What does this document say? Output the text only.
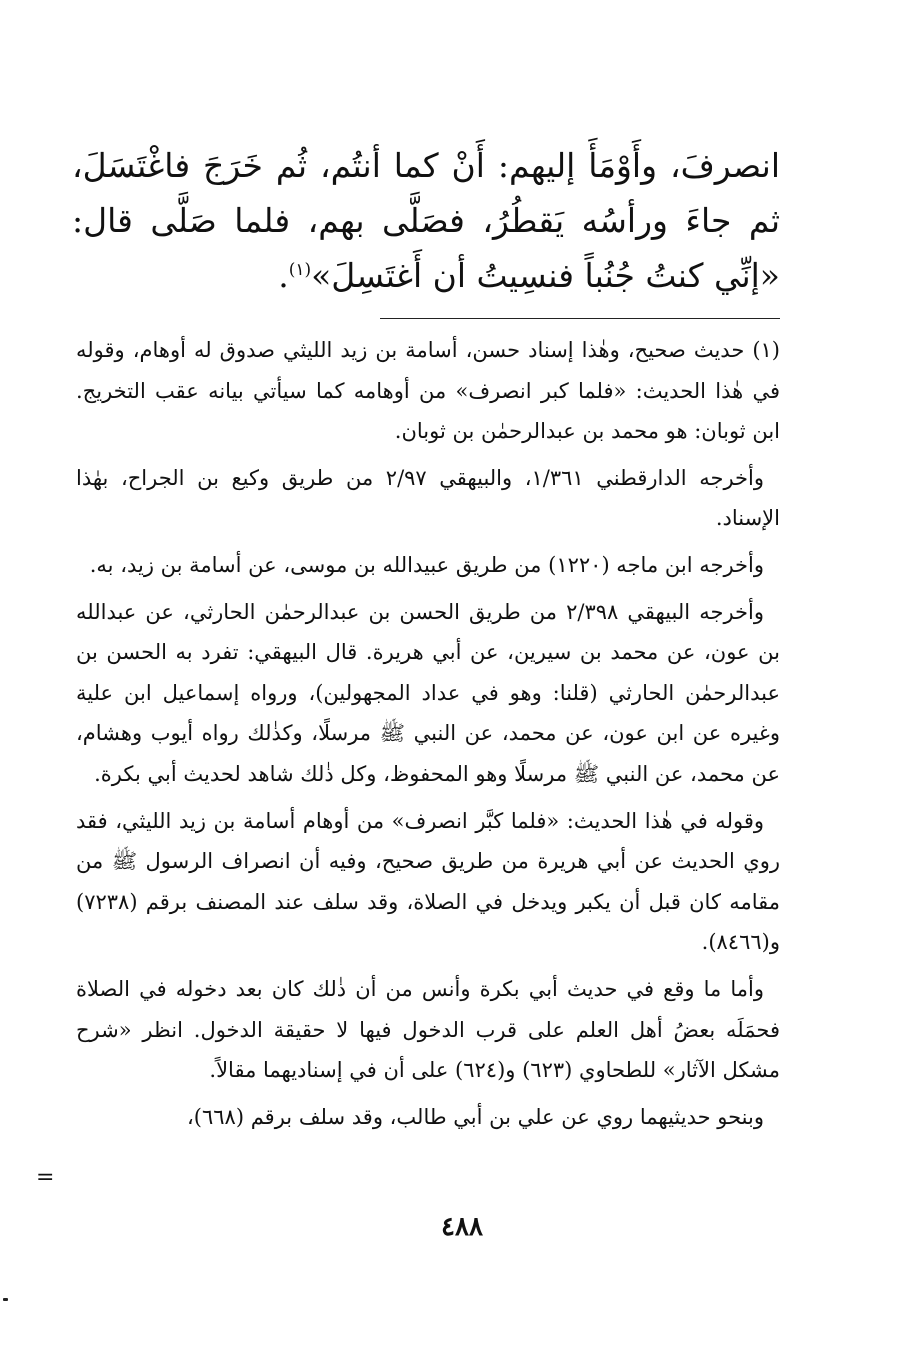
انصرفَ، وأَوْمَأَ إليهم: أَنْ كما أنتُم، ثُم خَرَجَ فاغْتَسَلَ، ثم جاءَ ورأسُه يَقطُرُ، فصَلَّى بهم، فلما صَلَّى قال: «إنِّي كنتُ جُنُباً فنسِيتُ أن أَغتَسِلَ»$^{(١)}$.

(١) حديث صحيح، وهٰذا إسناد حسن، أسامة بن زيد الليثي صدوق له أوهام، وقوله في هٰذا الحديث: «فلما كبر انصرف» من أوهامه كما سيأتي بيانه عقب التخريج. ابن ثوبان: هو محمد بن عبدالرحمٰن بن ثوبان.

وأخرجه الدارقطني ١/٣٦١، والبيهقي ٢/٩٧ من طريق وكيع بن الجراح، بهٰذا الإسناد.

وأخرجه ابن ماجه (١٢٢٠) من طريق عبيدالله بن موسى، عن أسامة بن زيد، به.

وأخرجه البيهقي ٢/٣٩٨ من طريق الحسن بن عبدالرحمٰن الحارثي، عن عبدالله بن عون، عن محمد بن سيرين، عن أبي هريرة. قال البيهقي: تفرد به الحسن بن عبدالرحمٰن الحارثي (قلنا: وهو في عداد المجهولين)، ورواه إسماعيل ابن علية وغيره عن ابن عون، عن محمد، عن النبي ﷺ مرسلًا، وكذٰلك رواه أيوب وهشام، عن محمد، عن النبي ﷺ مرسلًا وهو المحفوظ، وكل ذٰلك شاهد لحديث أبي بكرة.

وقوله في هٰذا الحديث: «فلما كبَّر انصرف» من أوهام أسامة بن زيد الليثي، فقد روي الحديث عن أبي هريرة من طريق صحيح، وفيه أن انصراف الرسول ﷺ من مقامه كان قبل أن يكبر ويدخل في الصلاة، وقد سلف عند المصنف برقم (٧٢٣٨) و(٨٤٦٦).

وأما ما وقع في حديث أبي بكرة وأنس من أن ذٰلك كان بعد دخوله في الصلاة فحمَلَه بعضُ أهل العلم على قرب الدخول فيها لا حقيقة الدخول. انظر «شرح مشكل الآثار» للطحاوي (٦٢٣) و(٦٢٤) على أن في إسناديهما مقالاً.

وبنحو حديثيهما روي عن علي بن أبي طالب، وقد سلف برقم (٦٦٨)،

=
٤٨٨
